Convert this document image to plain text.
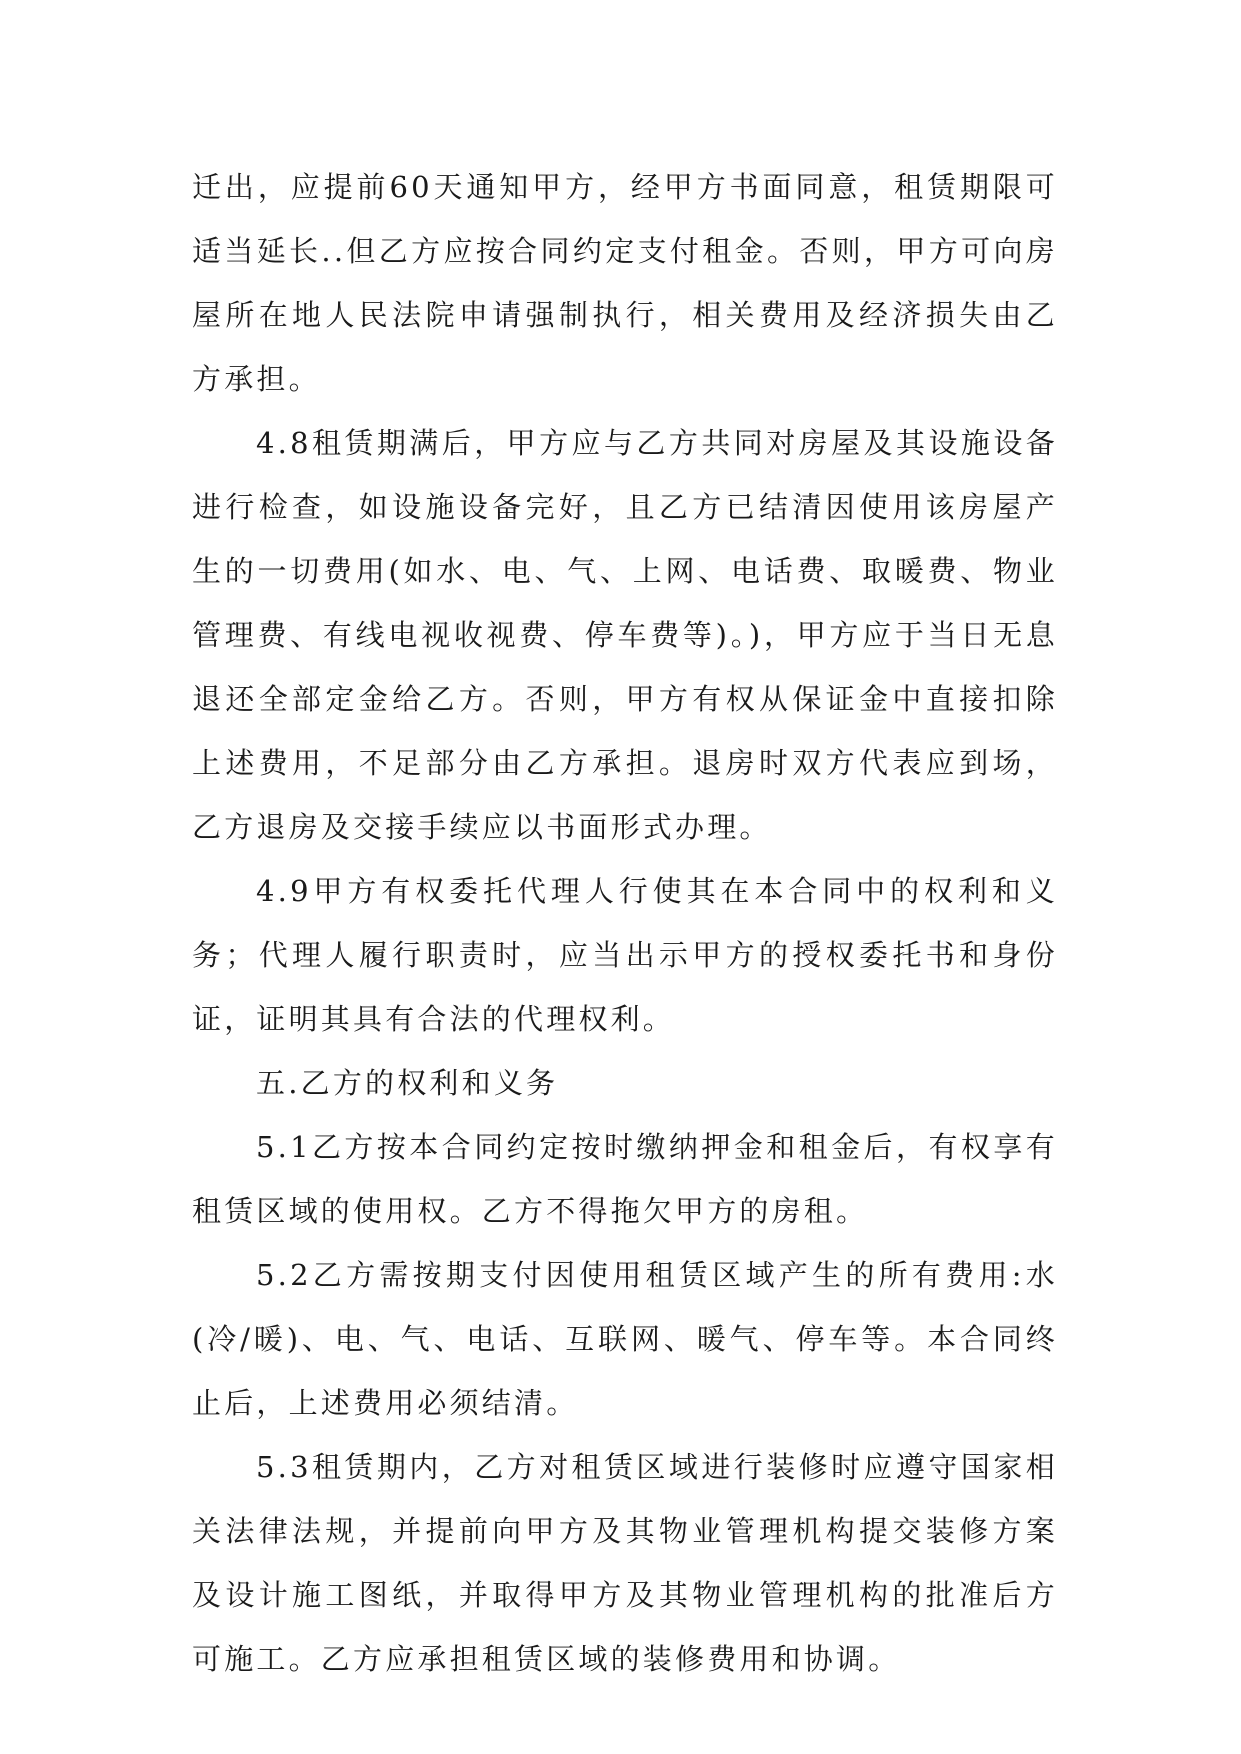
迁出，应提前60天通知甲方，经甲方书面同意，租赁期限可适当延长..但乙方应按合同约定支付租金。否则，甲方可向房屋所在地人民法院申请强制执行，相关费用及经济损失由乙方承担。

4.8租赁期满后，甲方应与乙方共同对房屋及其设施设备进行检查，如设施设备完好，且乙方已结清因使用该房屋产生的一切费用(如水、电、气、上网、电话费、取暖费、物业管理费、有线电视收视费、停车费等)。)，甲方应于当日无息退还全部定金给乙方。否则，甲方有权从保证金中直接扣除上述费用，不足部分由乙方承担。退房时双方代表应到场，乙方退房及交接手续应以书面形式办理。

4.9甲方有权委托代理人行使其在本合同中的权利和义务；代理人履行职责时，应当出示甲方的授权委托书和身份证，证明其具有合法的代理权利。

五.乙方的权利和义务

5.1乙方按本合同约定按时缴纳押金和租金后，有权享有租赁区域的使用权。乙方不得拖欠甲方的房租。

5.2乙方需按期支付因使用租赁区域产生的所有费用:水(冷/暖)、电、气、电话、互联网、暖气、停车等。本合同终止后，上述费用必须结清。

5.3租赁期内，乙方对租赁区域进行装修时应遵守国家相关法律法规，并提前向甲方及其物业管理机构提交装修方案及设计施工图纸，并取得甲方及其物业管理机构的批准后方可施工。乙方应承担租赁区域的装修费用和协调。
